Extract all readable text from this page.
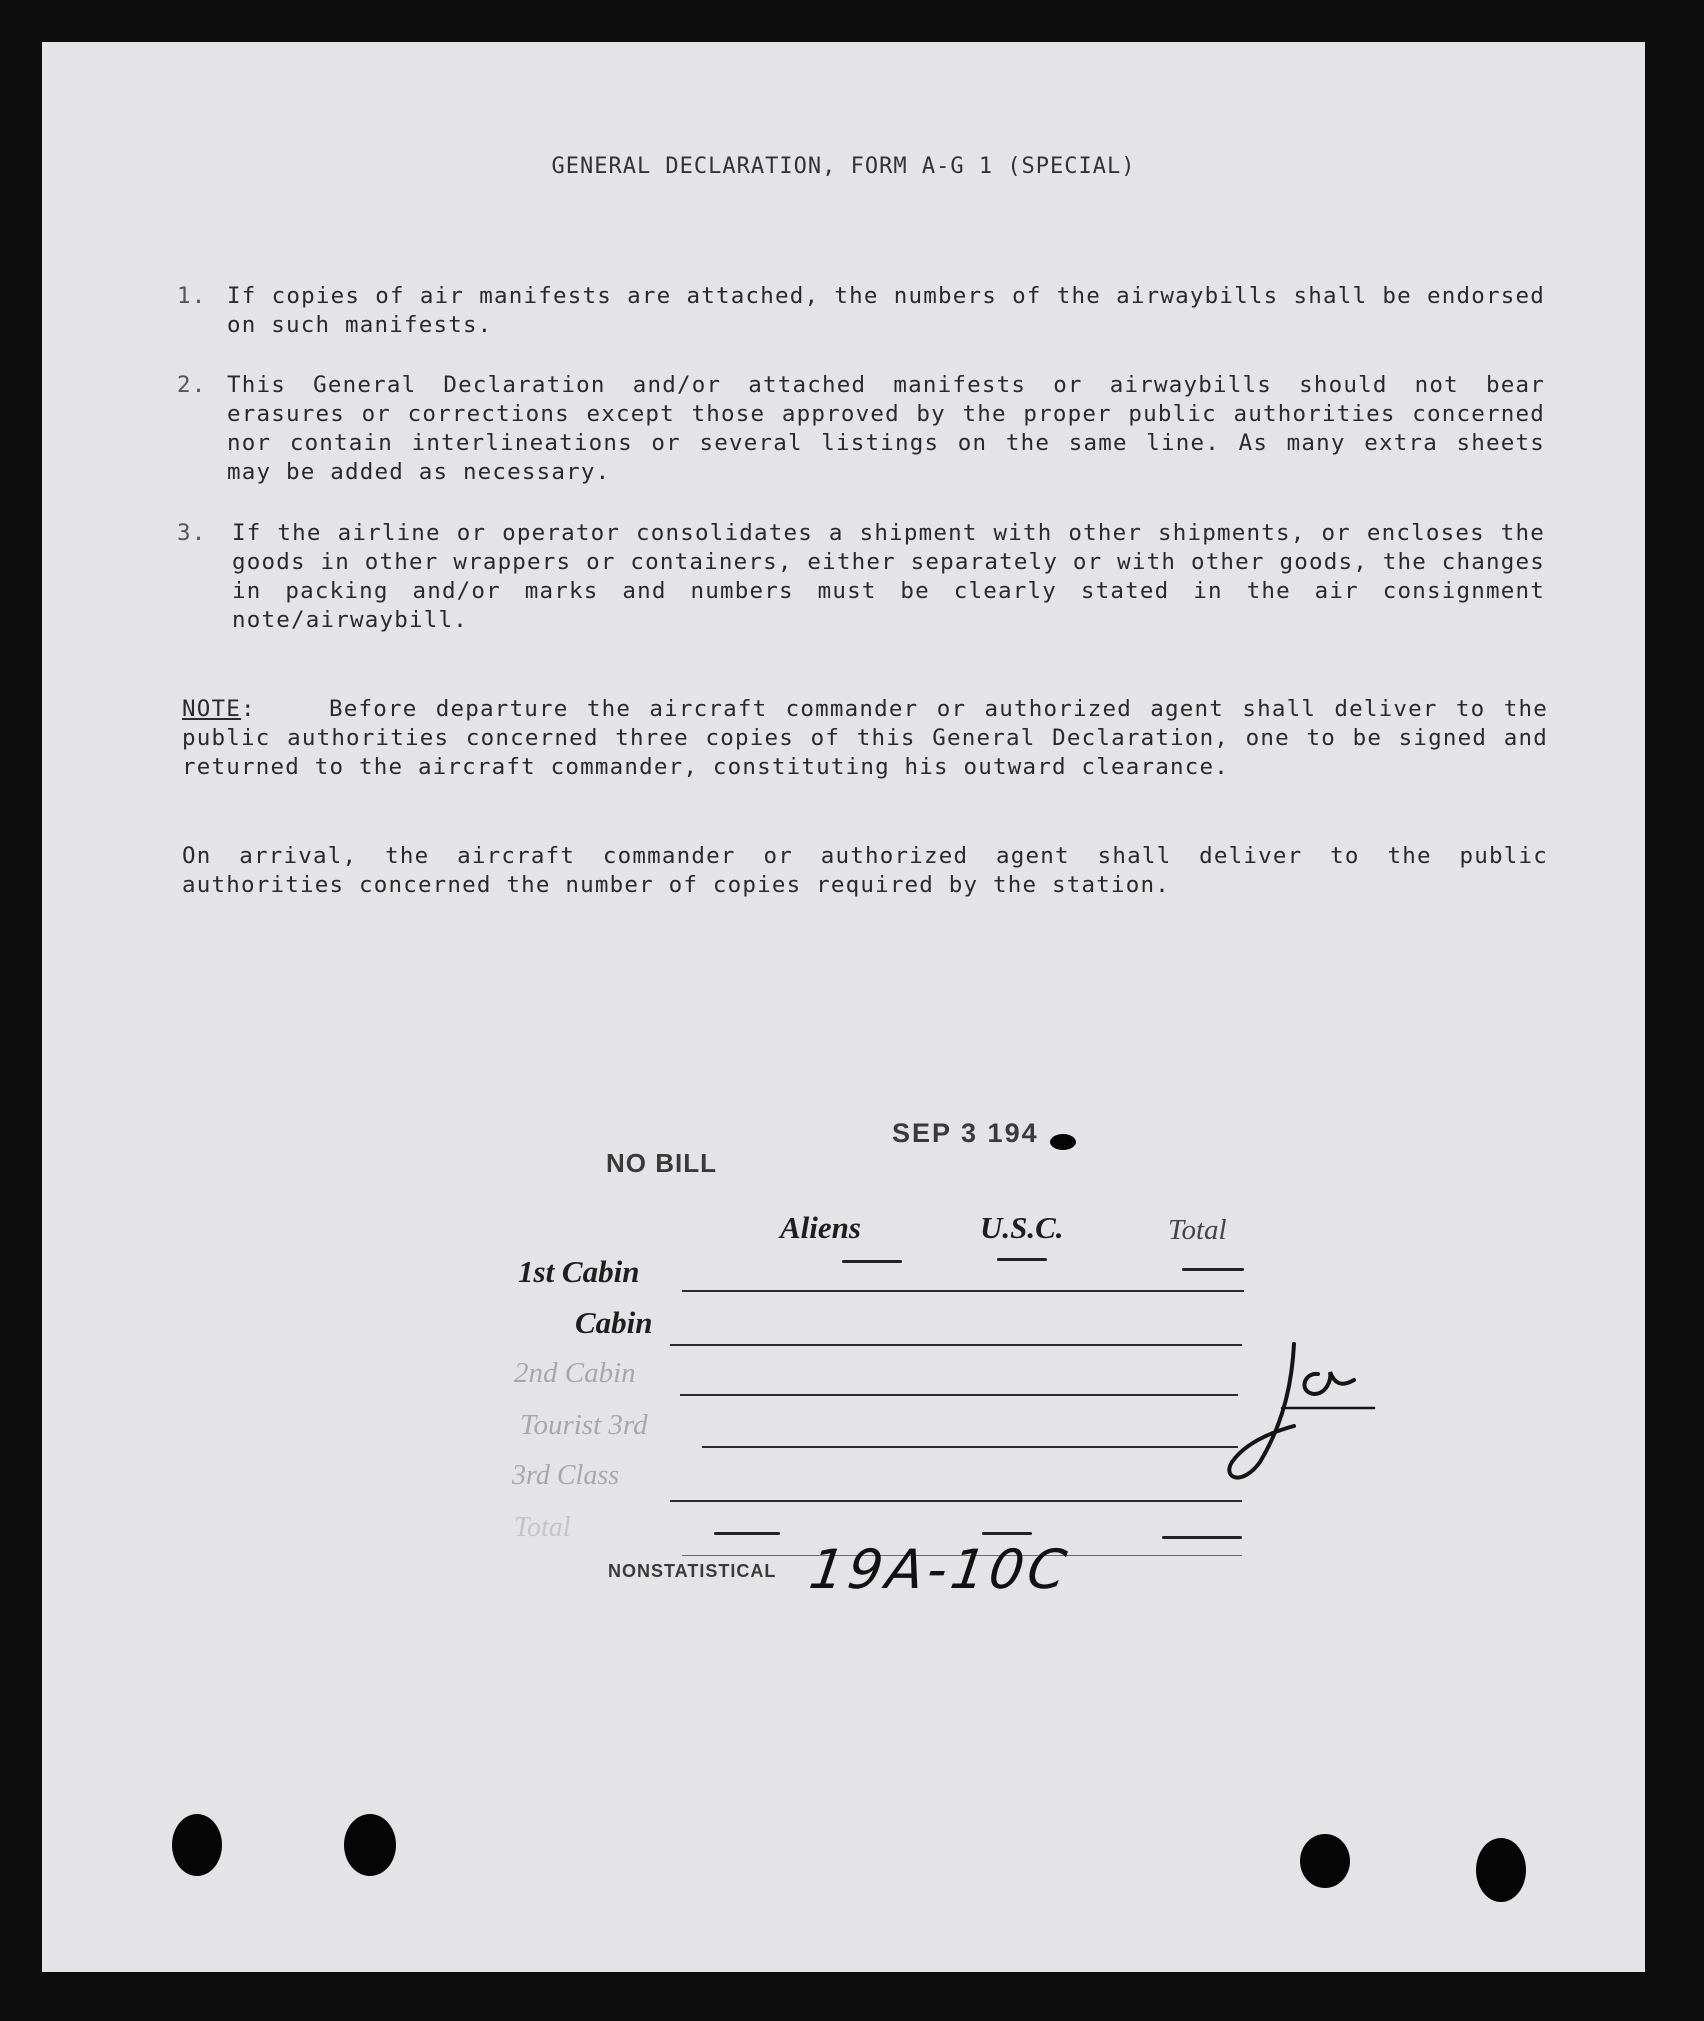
GENERAL DECLARATION, FORM A-G 1 (SPECIAL)
1. If copies of air manifests are attached, the numbers of the airwaybills shall be endorsed on such manifests.
2. This General Declaration and/or attached manifests or airwaybills should not bear erasures or corrections except those approved by the proper public authorities concerned nor contain interlineations or several listings on the same line. As many extra sheets may be added as necessary.
3. If the airline or operator consolidates a shipment with other shipments, or encloses the goods in other wrappers or containers, either separately or with other goods, the changes in packing and/or marks and numbers must be clearly stated in the air consignment note/airwaybill.
NOTE:	Before departure the aircraft commander or authorized agent shall deliver to the public authorities concerned three copies of this General Declaration, one to be signed and returned to the aircraft commander, constituting his outward clearance.
On arrival, the aircraft commander or authorized agent shall deliver to the public authorities concerned the number of copies required by the station.
SEP 3 194
NO BILL
Aliens	U.S.C.	Total
1st Cabin
Cabin
2nd Cabin
Tourist 3rd
3rd Class
Total
NONSTATISTICAL 19A-10C
